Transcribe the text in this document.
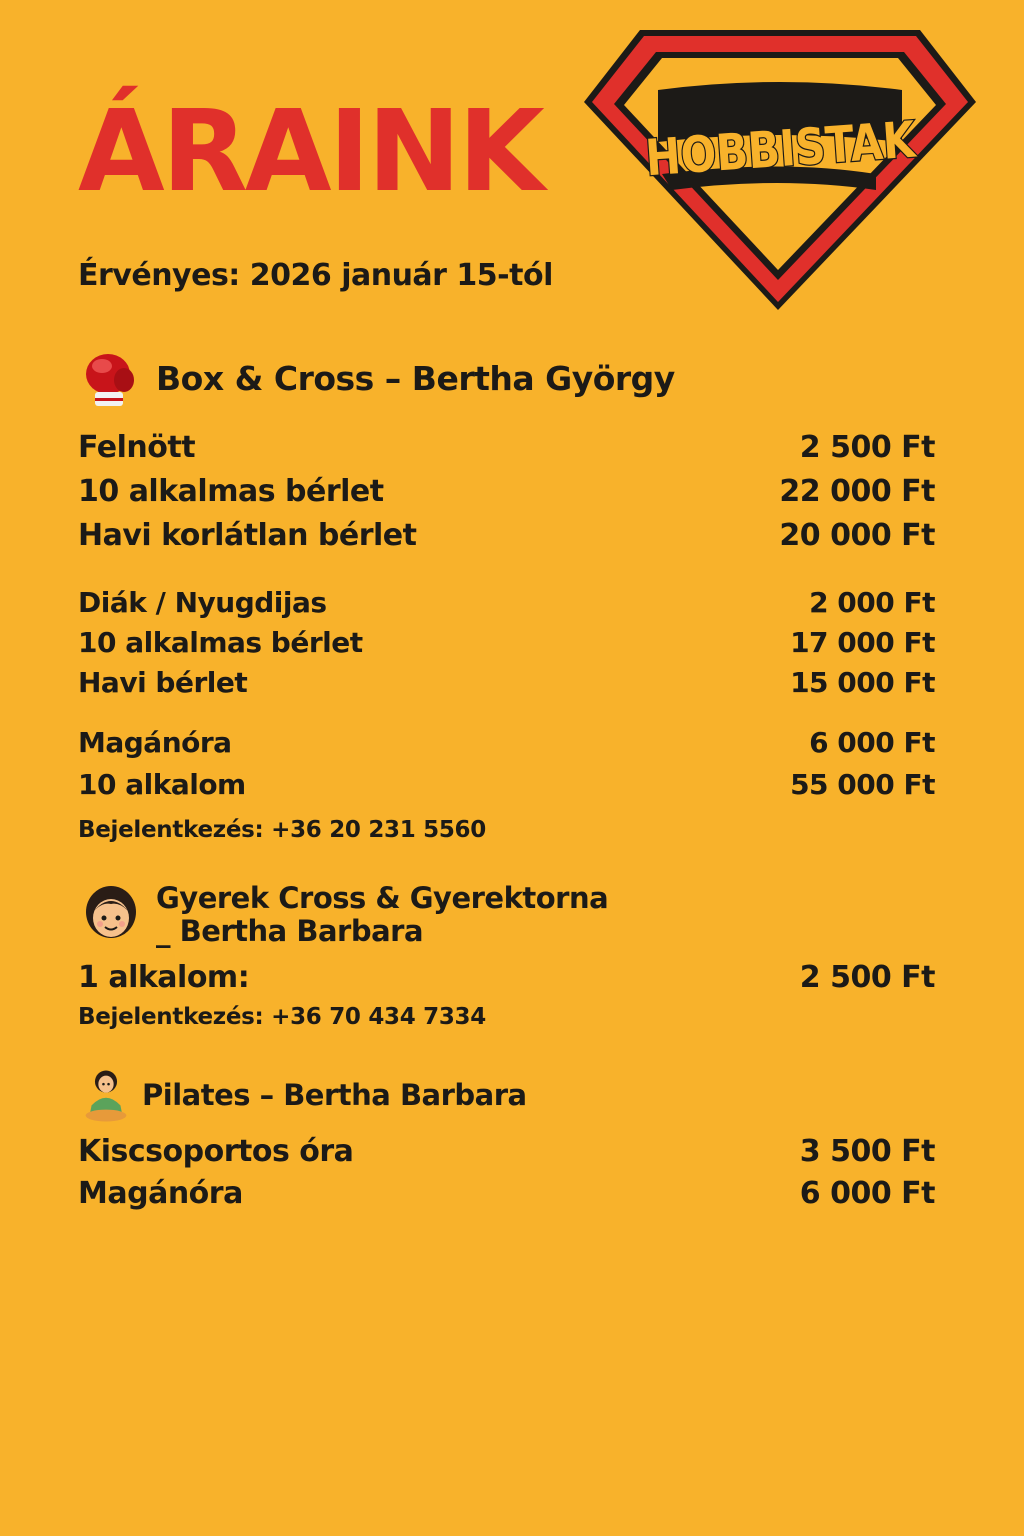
ÁRAINK
Érvényes: 2026 január 15-tól
HOBBISTAK
Box & Cross – Bertha György
Felnött	2 500 Ft
10 alkalmas bérlet	22 000 Ft
Havi korlátlan bérlet	20 000 Ft
Diák / Nyugdijas	2 000 Ft
10 alkalmas bérlet	17 000 Ft
Havi bérlet	15 000 Ft
Magánóra	6 000 Ft
10 alkalom	55 000 Ft
Bejelentkezés: +36 20 231 5560
Gyerek Cross & Gyerektorna
_ Bertha Barbara
1 alkalom:	2 500 Ft
Bejelentkezés: +36 70 434 7334
Pilates – Bertha Barbara
Kiscsoportos óra	3 500 Ft
Magánóra	6 000 Ft
